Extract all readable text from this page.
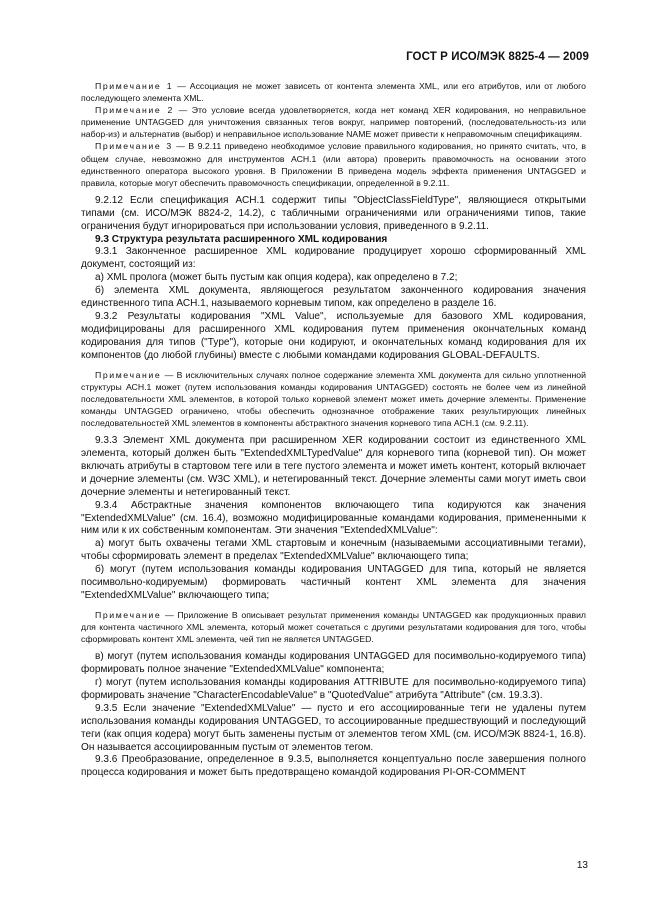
ГОСТ Р ИСО/МЭК 8825-4 — 2009

Примечание 1 — Ассоциация не может зависеть от контента элемента XML, или его атрибутов, или от любого последующего элемента XML.

Примечание 2 — Это условие всегда удовлетворяется, когда нет команд XER кодирования, но неправильное применение UNTAGGED для уничтожения связанных тегов вокруг, например повторений, (последовательность-из или набор-из) и альтернатив (выбор) и неправильное использование NAME может привести к неправомочным спецификациям.

Примечание 3 — В 9.2.11 приведено необходимое условие правильного кодирования, но принято считать, что, в общем случае, невозможно для инструментов АСН.1 (или автора) проверить правомочность на основании этого единственного оператора высокого уровня. В Приложении В приведена модель эффекта применения UNTAGGED и правила, которые могут обеспечить правомочность спецификации, определенной в 9.2.11.

9.2.12 Если спецификация АСН.1 содержит типы "ObjectClassFieldType", являющиеся открытыми типами (см. ИСО/МЭК 8824-2, 14.2), с табличными ограничениями или ограничениями типов, такие ограничения будут игнорироваться при использовании условия, приведенного в 9.2.11.

9.3 Структура результата расширенного XML кодирования

9.3.1 Законченное расширенное XML кодирование продуцирует хорошо сформированный XML документ, состоящий из:

а) XML пролога (может быть пустым как опция кодера), как определено в 7.2;

б) элемента XML документа, являющегося результатом законченного кодирования значения единственного типа АСН.1, называемого корневым типом, как определено в разделе 16.

9.3.2 Результаты кодирования "XML Value", используемые для базового XML кодирования, модифицированы для расширенного XML кодирования путем применения окончательных команд кодирования для типов ("Type"), которые они кодируют, и окончательных команд кодирования для их компонентов (до любой глубины) вместе с любыми командами кодирования GLOBAL-DEFAULTS.

Примечание — В исключительных случаях полное содержание элемента XML документа для сильно уплотненной структуры АСН.1 может (путем использования команды кодирования UNTAGGED) состоять не более чем из линейной последовательности XML элементов, в которой только корневой элемент может иметь дочерние элементы. Применение команды UNTAGGED ограничено, чтобы обеспечить однозначное отображение таких результирующих линейных последовательностей XML элементов в компоненты абстрактного значения корневого типа АСН.1 (см. 9.2.11).

9.3.3 Элемент XML документа при расширенном XER кодировании состоит из единственного XML элемента, который должен быть "ExtendedXMLTypedValue" для корневого типа (корневой тип). Он может включать атрибуты в стартовом теге или в теге пустого элемента и может иметь контент, который включает и дочерние элементы (см. W3C XML), и нетегированный текст. Дочерние элементы сами могут иметь свои дочерние элементы и нетегированный текст.

9.3.4 Абстрактные значения компонентов включающего типа кодируются как значения "ExtendedXMLValue" (см. 16.4), возможно модифицированные командами кодирования, примененными к ним или к их собственным компонентам. Эти значения "ExtendedXMLValue":

а) могут быть охвачены тегами XML стартовым и конечным (называемыми ассоциативными тегами), чтобы сформировать элемент в пределах "ExtendedXMLValue" включающего типа;

б) могут (путем использования команды кодирования UNTAGGED для типа, который не является посимвольно-кодируемым) формировать частичный контент XML элемента для значения "ExtendedXMLValue" включающего типа;

Примечание — Приложение В описывает результат применения команды UNTAGGED как продукционных правил для контента частичного XML элемента, который может сочетаться с другими результатами кодирования для того, чтобы сформировать контент XML элемента, чей тип не является UNTAGGED.

в) могут (путем использования команды кодирования UNTAGGED для посимвольно-кодируемого типа) формировать полное значение "ExtendedXMLValue" компонента;

г) могут (путем использования команды кодирования ATTRIBUTE для посимвольно-кодируемого типа) формировать значение "CharacterEncodableValue" в "QuotedValue" атрибута "Attribute" (см. 19.3.3).

9.3.5 Если значение "ExtendedXMLValue" — пусто и его ассоциированные теги не удалены путем использования команды кодирования UNTAGGED, то ассоциированные предшествующий и последующий теги (как опция кодера) могут быть заменены пустым от элементов тегом XML (см. ИСО/МЭК 8824-1, 16.8). Он называется ассоциированным пустым от элементов тегом.

9.3.6 Преобразование, определенное в 9.3.5, выполняется концептуально после завершения полного процесса кодирования и может быть предотвращено командой кодирования PI-OR-COMMENT

13
